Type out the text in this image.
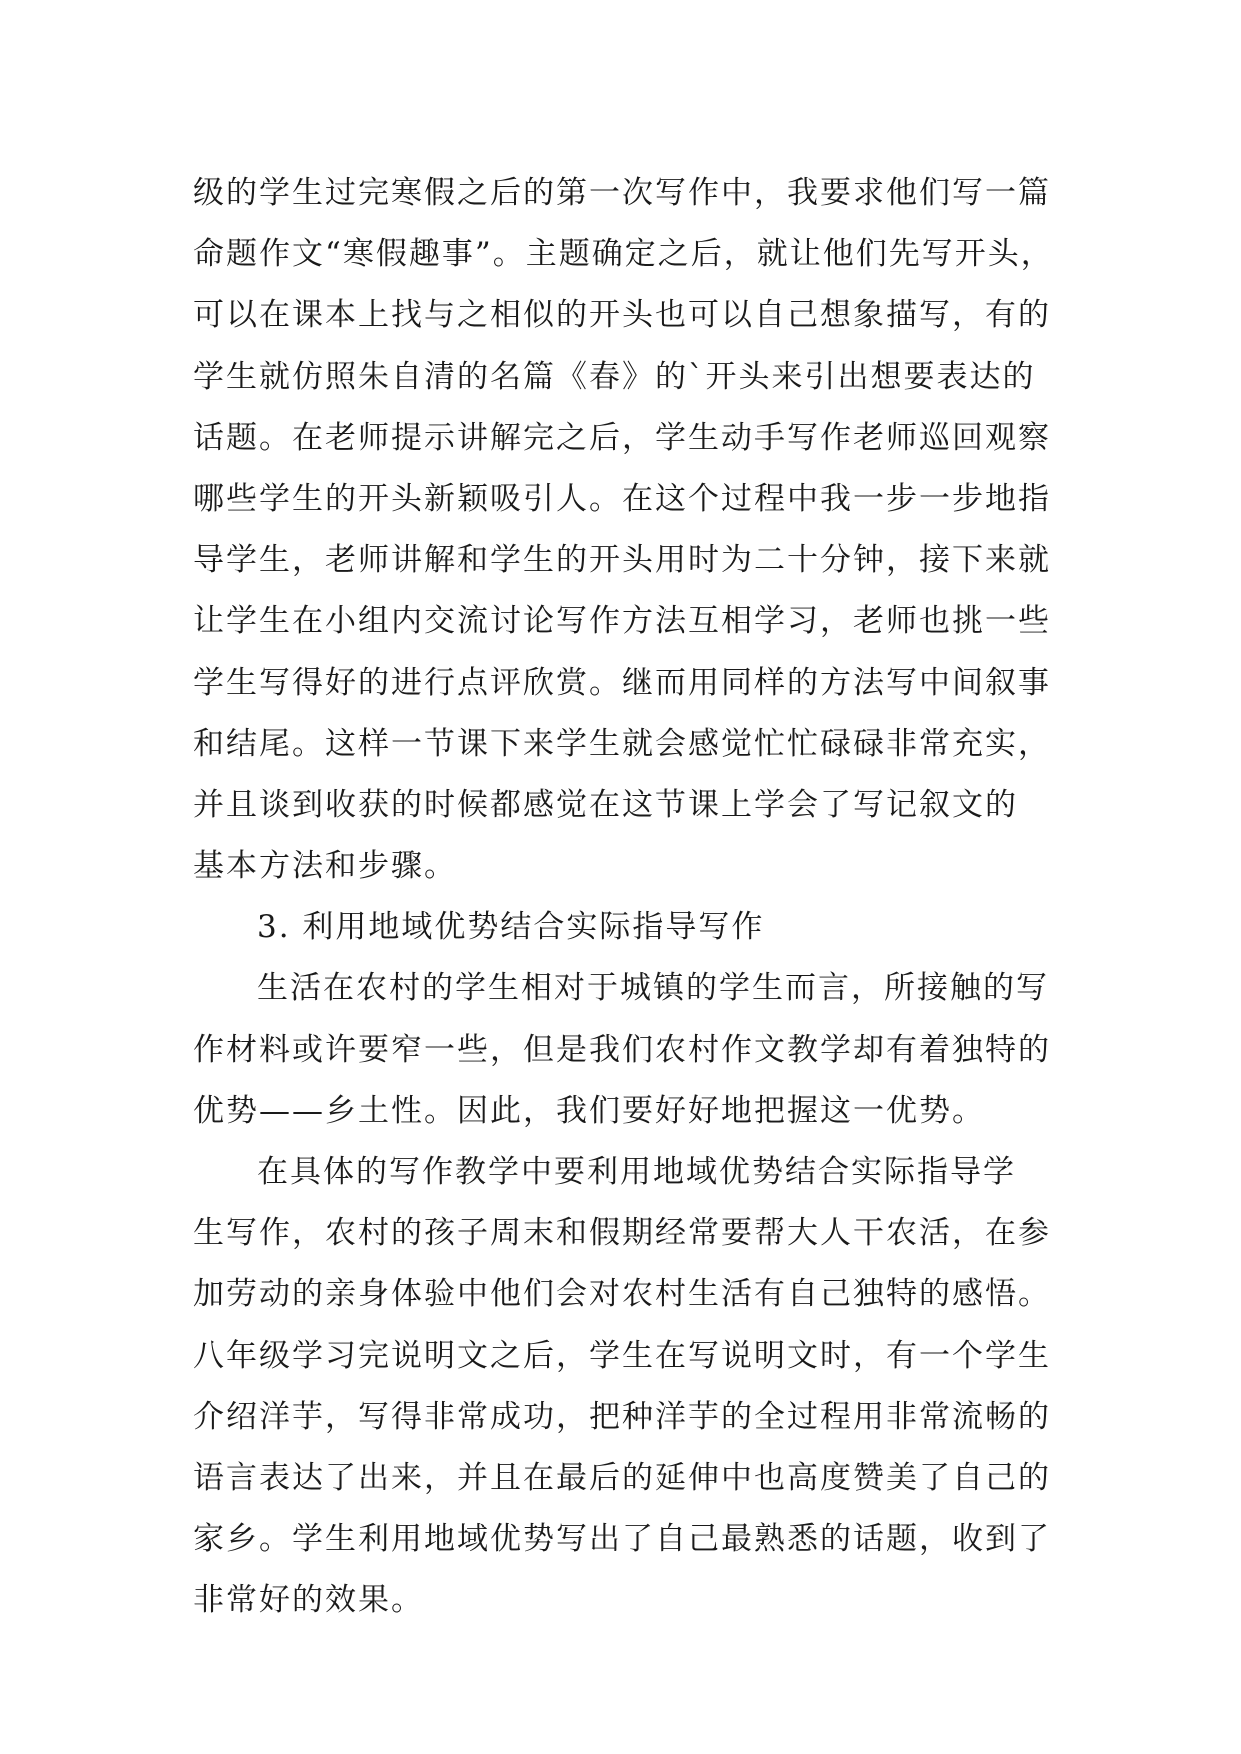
级的学生过完寒假之后的第一次写作中，我要求他们写一篇
命题作文“寒假趣事”。主题确定之后，就让他们先写开头，
可以在课本上找与之相似的开头也可以自己想象描写，有的
学生就仿照朱自清的名篇《春》的`开头来引出想要表达的
话题。在老师提示讲解完之后，学生动手写作老师巡回观察
哪些学生的开头新颖吸引人。在这个过程中我一步一步地指
导学生，老师讲解和学生的开头用时为二十分钟，接下来就
让学生在小组内交流讨论写作方法互相学习，老师也挑一些
学生写得好的进行点评欣赏。继而用同样的方法写中间叙事
和结尾。这样一节课下来学生就会感觉忙忙碌碌非常充实，
并且谈到收获的时候都感觉在这节课上学会了写记叙文的
基本方法和步骤。
3. 利用地域优势结合实际指导写作
生活在农村的学生相对于城镇的学生而言，所接触的写
作材料或许要窄一些，但是我们农村作文教学却有着独特的
优势——乡土性。因此，我们要好好地把握这一优势。
在具体的写作教学中要利用地域优势结合实际指导学
生写作，农村的孩子周末和假期经常要帮大人干农活，在参
加劳动的亲身体验中他们会对农村生活有自己独特的感悟。
八年级学习完说明文之后，学生在写说明文时，有一个学生
介绍洋芋，写得非常成功，把种洋芋的全过程用非常流畅的
语言表达了出来，并且在最后的延伸中也高度赞美了自己的
家乡。学生利用地域优势写出了自己最熟悉的话题，收到了
非常好的效果。
